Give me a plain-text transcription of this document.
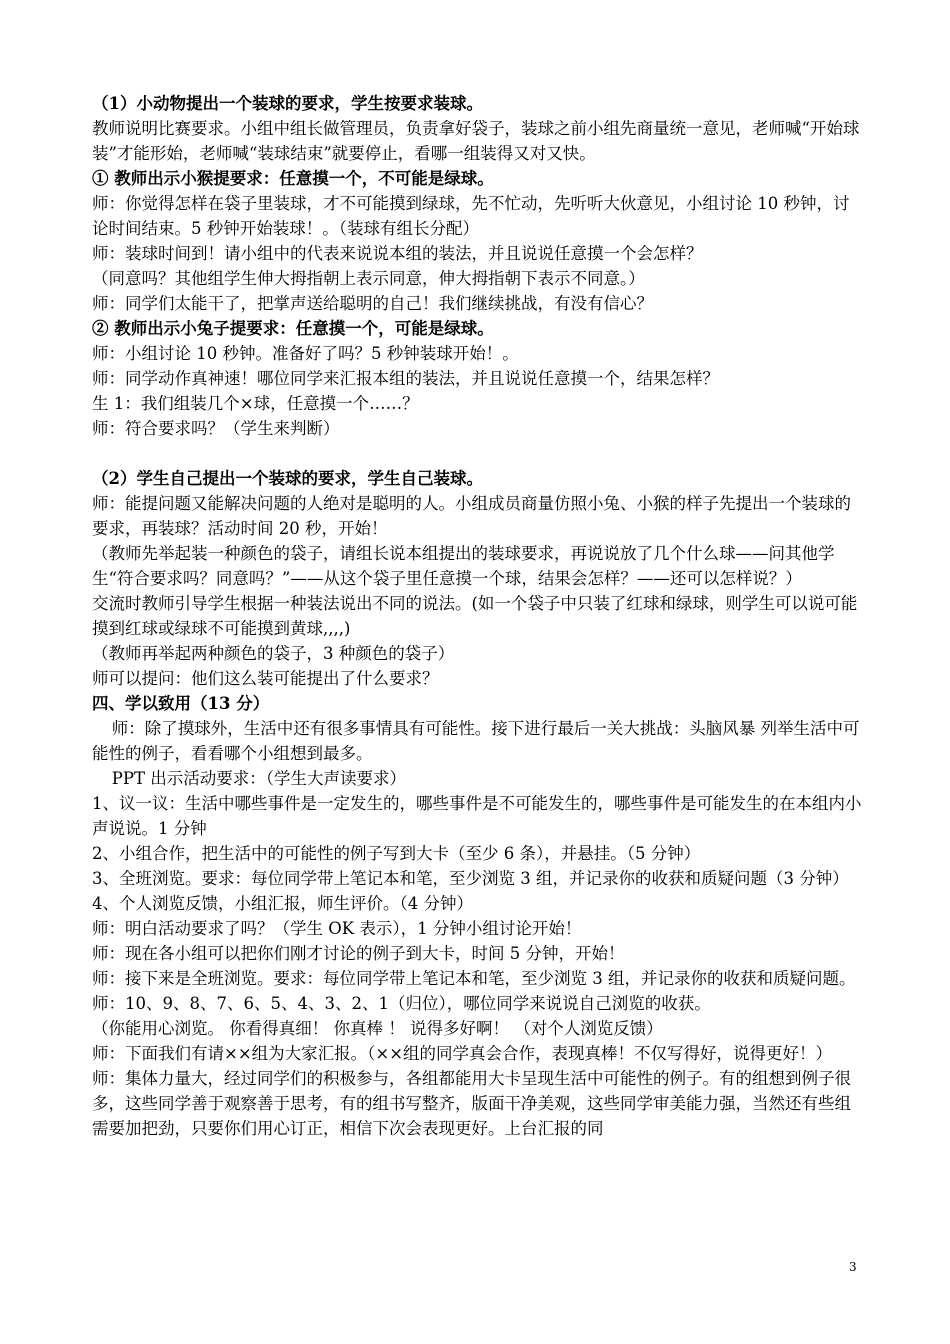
（1）小动物提出一个装球的要求，学生按要求装球。

教师说明比赛要求。小组中组长做管理员，负责拿好袋子，装球之前小组先商量统一意见，老师喊“开始球装”才能形始，老师喊“装球结束”就要停止，看哪一组装得又对又快。

① 教师出示小猴提要求：任意摸一个，不可能是绿球。

师：你觉得怎样在袋子里装球，才不可能摸到绿球，先不忙动，先听听大伙意见，小组讨论 10 秒钟，讨论时间结束。5 秒钟开始装球！。（装球有组长分配）

师：装球时间到！请小组中的代表来说说本组的装法，并且说说任意摸一个会怎样？

（同意吗？其他组学生伸大拇指朝上表示同意，伸大拇指朝下表示不同意。）

师：同学们太能干了，把掌声送给聪明的自己！我们继续挑战，有没有信心？

② 教师出示小兔子提要求：任意摸一个，可能是绿球。

师：小组讨论 10 秒钟。准备好了吗？5 秒钟装球开始！。

师：同学动作真神速！哪位同学来汇报本组的装法，并且说说任意摸一个，结果怎样？

生 1：我们组装几个×球，任意摸一个……？

师：符合要求吗？（学生来判断）

（2）学生自己提出一个装球的要求，学生自己装球。

师：能提问题又能解决问题的人绝对是聪明的人。小组成员商量仿照小兔、小猴的样子先提出一个装球的要求，再装球？活动时间 20 秒，开始！

（教师先举起装一种颜色的袋子，请组长说本组提出的装球要求，再说说放了几个什么球——问其他学生“符合要求吗？同意吗？”——从这个袋子里任意摸一个球，结果会怎样？——还可以怎样说？）

交流时教师引导学生根据一种装法说出不同的说法。(如一个袋子中只装了红球和绿球，则学生可以说可能摸到红球或绿球不可能摸到黄球,,,,)

（教师再举起两种颜色的袋子，3 种颜色的袋子）

师可以提问：他们这么装可能提出了什么要求？

四、学以致用（13 分）

师：除了摸球外，生活中还有很多事情具有可能性。接下进行最后一关大挑战：头脑风暴 列举生活中可能性的例子，看看哪个小组想到最多。

PPT 出示活动要求：（学生大声读要求）

1、议一议：生活中哪些事件是一定发生的，哪些事件是不可能发生的，哪些事件是可能发生的在本组内小声说说。1 分钟

2、小组合作，把生活中的可能性的例子写到大卡（至少 6 条），并悬挂。（5 分钟）

3、全班浏览。要求：每位同学带上笔记本和笔，至少浏览 3 组，并记录你的收获和质疑问题（3 分钟）

4、个人浏览反馈，小组汇报，师生评价。（4 分钟）

师：明白活动要求了吗？（学生 OK 表示），1 分钟小组讨论开始！

师：现在各小组可以把你们刚才讨论的例子到大卡，时间 5 分钟，开始！

师：接下来是全班浏览。要求：每位同学带上笔记本和笔，至少浏览 3 组，并记录你的收获和质疑问题。

师：10、9、8、7、6、5、4、3、2、1（归位），哪位同学来说说自己浏览的收获。

（你能用心浏览。 你看得真细！ 你真棒 ！ 说得多好啊！ （对个人浏览反馈）

师：下面我们有请××组为大家汇报。（××组的同学真会合作，表现真棒！不仅写得好，说得更好！）

师：集体力量大，经过同学们的积极参与，各组都能用大卡呈现生活中可能性的例子。有的组想到例子很多，这些同学善于观察善于思考，有的组书写整齐，版面干净美观，这些同学审美能力强，当然还有些组需要加把劲，只要你们用心订正，相信下次会表现更好。上台汇报的同

3
